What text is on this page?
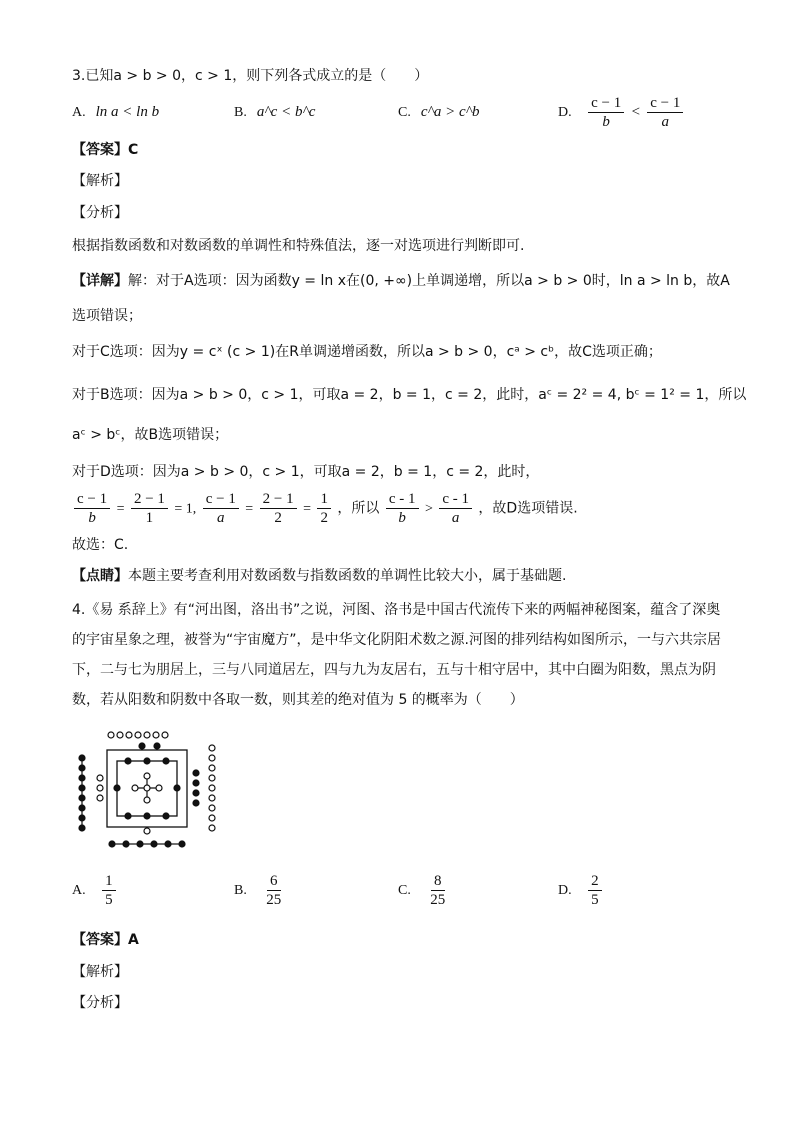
3.已知a > b > 0，c > 1，则下列各式成立的是（　　）
A. ln a < ln b	B. a^c < b^c	C. c^a > c^b	D. $\frac{c - 1}{b} < \frac{c - 1}{a}$
【答案】C
【解析】
【分析】
根据指数函数和对数函数的单调性和特殊值法，逐一对选项进行判断即可.
【详解】解：对于A选项：因为函数y = ln x在(0, +∞)上单调递增，所以a > b > 0时，ln a > ln b，故A
选项错误；
对于C选项：因为y = cˣ (c > 1)在R单调递增函数，所以a > b > 0，cᵃ > cᵇ，故C选项正确；
对于B选项：因为a > b > 0，c > 1，可取a = 2，b = 1，c = 2，此时，aᶜ = 2² = 4, bᶜ = 1² = 1，所以
aᶜ > bᶜ，故B选项错误；
对于D选项：因为a > b > 0，c > 1，可取a = 2，b = 1，c = 2，此时，
$\frac{c - 1}{b} = \frac{2 - 1}{1} = 1$, $\frac{c - 1}{a} = \frac{2 - 1}{2} = \frac{1}{2}$ ，所以 $\frac{c - 1}{b} > \frac{c - 1}{a}$ ，故D选项错误.
故选：C.
【点睛】本题主要考查利用对数函数与指数函数的单调性比较大小，属于基础题.
4.《易 系辞上》有“河出图，洛出书”之说，河图、洛书是中国古代流传下来的两幅神秘图案，蕴含了深奥
的宇宙星象之理，被誉为“宇宙魔方”，是中华文化阴阳术数之源.河图的排列结构如图所示，一与六共宗居
下，二与七为朋居上，三与八同道居左，四与九为友居右，五与十相守居中，其中白圈为阳数，黑点为阴
数，若从阳数和阴数中各取一数，则其差的绝对值为 5 的概率为（　　）
A. $\frac{1}{5}$	B. $\frac{6}{25}$	C. $\frac{8}{25}$	D. $\frac{2}{5}$
【答案】A
【解析】
【分析】
